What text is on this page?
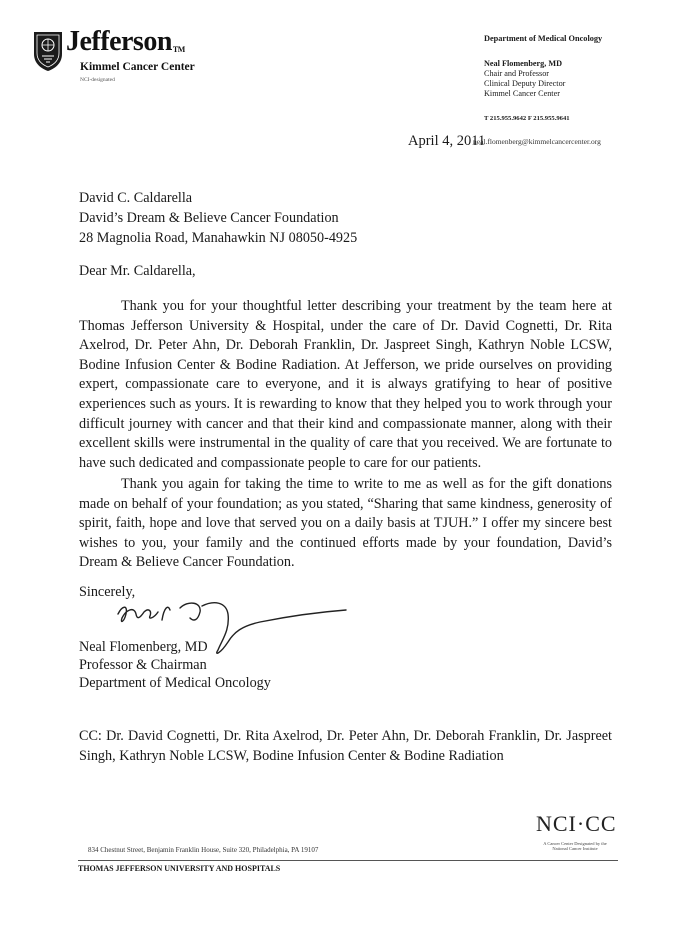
JeffersonTM
Kimmel Cancer Center
NCI-designated
Department of Medical Oncology
Neal Flomenberg, MD
Chair and Professor
Clinical Deputy Director
Kimmel Cancer Center
T 215.955.9642 F 215.955.9641
April 4, 2011
neal.flomenberg@kimmelcancercenter.org
David C. Caldarella
David’s Dream & Believe Cancer Foundation
28 Magnolia Road, Manahawkin NJ 08050-4925
Dear Mr. Caldarella,
Thank you for your thoughtful letter describing your treatment by the team here at Thomas Jefferson University & Hospital, under the care of Dr. David Cognetti, Dr. Rita Axelrod, Dr. Peter Ahn, Dr. Deborah Franklin, Dr. Jaspreet Singh, Kathryn Noble LCSW, Bodine Infusion Center & Bodine Radiation. At Jefferson, we pride ourselves on providing expert, compassionate care to everyone, and it is always gratifying to hear of positive experiences such as yours. It is rewarding to know that they helped you to work through your difficult journey with cancer and that their kind and compassionate manner, along with their excellent skills were instrumental in the quality of care that you received. We are fortunate to have such dedicated and compassionate people to care for our patients.
Thank you again for taking the time to write to me as well as for the gift donations made on behalf of your foundation; as you stated, “Sharing that same kindness, generosity of spirit, faith, hope and love that served you on a daily basis at TJUH.” I offer my sincere best wishes to you, your family and the continued efforts made by your foundation, David’s Dream & Believe Cancer Foundation.
Sincerely,
Neal Flomenberg, MD
Professor & Chairman
Department of Medical Oncology
CC: Dr. David Cognetti, Dr. Rita Axelrod, Dr. Peter Ahn, Dr. Deborah Franklin, Dr. Jaspreet Singh, Kathryn Noble LCSW, Bodine Infusion Center & Bodine Radiation
NCI·CC
A Cancer Center Designated by the National Cancer Institute
834 Chestnut Street, Benjamin Franklin House, Suite 320, Philadelphia, PA 19107
THOMAS JEFFERSON UNIVERSITY AND HOSPITALS
